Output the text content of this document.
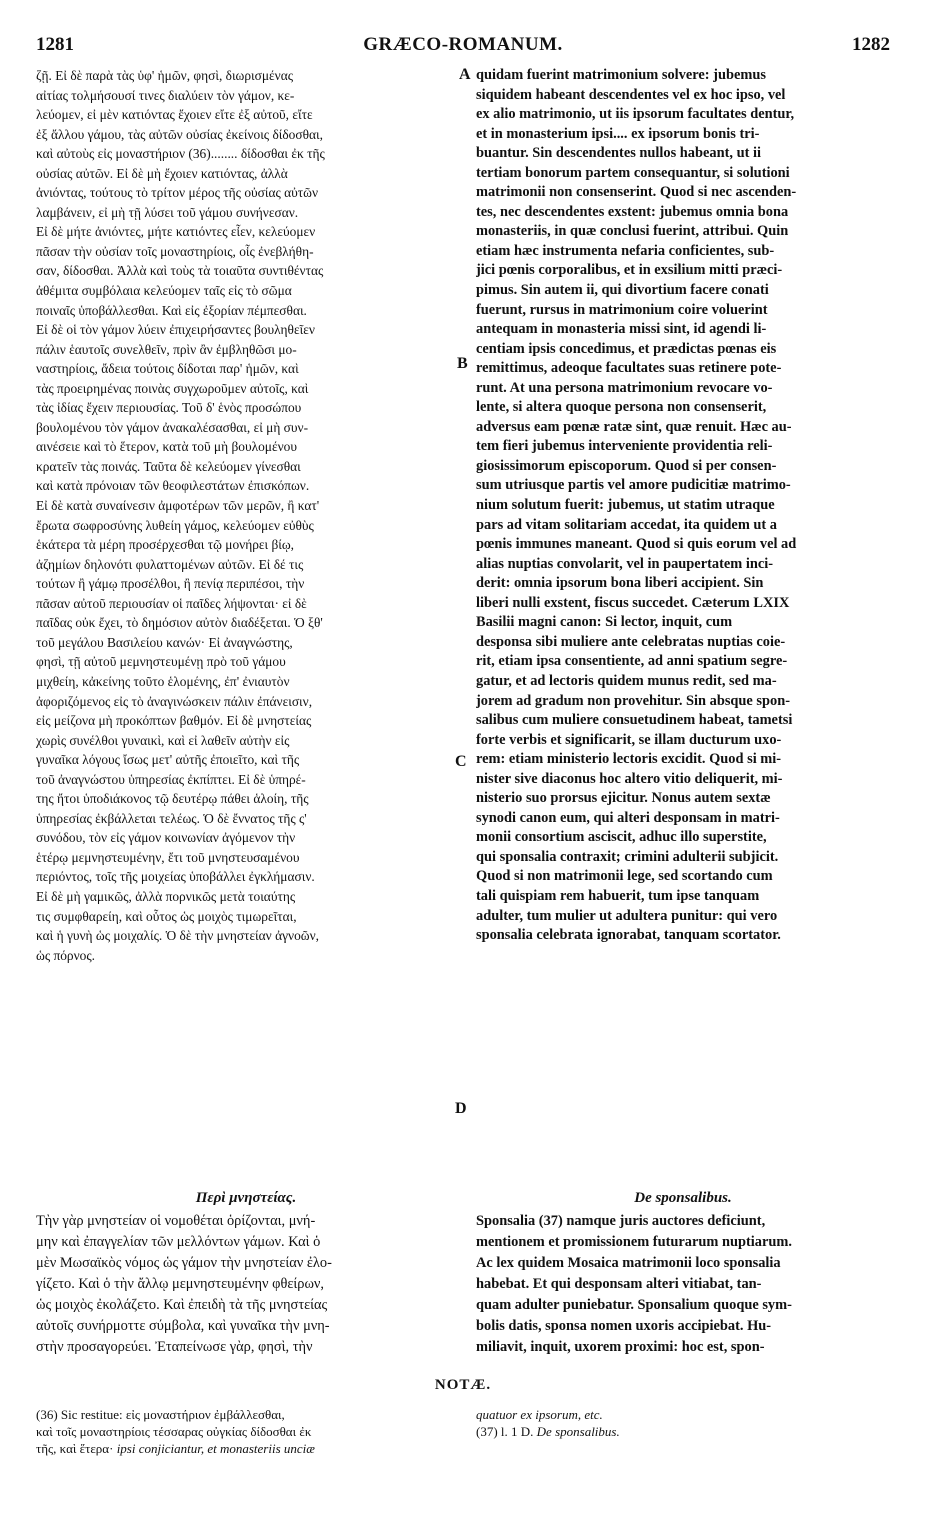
1281	GRÆCO-ROMANUM.	1282

ζῇ. Εἰ δὲ παρὰ τὰς ὑφ' ἡμῶν, φησὶ, διωρισμένας

αἰτίας τολμήσουσί τινες διαλύειν τὸν γάμον, κε-

λεύομεν, εἰ μὲν κατιόντας ἔχοιεν εἴτε ἐξ αὐτοῦ, εἴτε

ἐξ ἄλλου γάμου, τὰς αὐτῶν οὐσίας ἐκείνοις δίδοσθαι,

καὶ αὐτοὺς εἰς μοναστήριον (36)........ δίδοσθαι ἐκ τῆς

οὐσίας αὐτῶν. Εἰ δὲ μὴ ἔχοιεν κατιόντας, ἀλλὰ

ἀνιόντας, τούτους τὸ τρίτον μέρος τῆς οὐσίας αὐτῶν

λαμβάνειν, εἰ μὴ τῇ λύσει τοῦ γάμου συνήνεσαν.

Εἰ δὲ μήτε ἀνιόντες, μήτε κατιόντες εἶεν, κελεύομεν

πᾶσαν τὴν οὐσίαν τοῖς μοναστηρίοις, οἷς ἐνεβλήθη-

σαν, δίδοσθαι. Ἀλλὰ καὶ τοὺς τὰ τοιαῦτα συντιθέντας

ἀθέμιτα συμβόλαια κελεύομεν ταῖς εἰς τὸ σῶμα

ποιναῖς ὑποβάλλεσθαι. Καὶ εἰς ἐξορίαν πέμπεσθαι.

Εἰ δὲ οἱ τὸν γάμον λύειν ἐπιχειρήσαντες βουληθεῖεν

πάλιν ἑαυτοῖς συνελθεῖν, πρὶν ἂν ἐμβληθῶσι μο-

ναστηρίοις, ἄδεια τούτοις δίδοται παρ' ἡμῶν, καὶ

τὰς προειρημένας ποινὰς συγχωροῦμεν αὐτοῖς, καὶ

τὰς ἰδίας ἔχειν περιουσίας. Τοῦ δ' ἑνὸς προσώπου

βουλομένου τὸν γάμον ἀνακαλέσασθαι, εἰ μὴ συν-

αινέσειε καὶ τὸ ἕτερον, κατὰ τοῦ μὴ βουλομένου

κρατεῖν τὰς ποινάς. Ταῦτα δὲ κελεύομεν γίνεσθαι

καὶ κατὰ πρόνοιαν τῶν θεοφιλεστάτων ἐπισκόπων.

Εἰ δὲ κατὰ συναίνεσιν ἀμφοτέρων τῶν μερῶν, ἢ κατ'

ἔρωτα σωφροσύνης λυθείη γάμος, κελεύομεν εὐθὺς

ἑκάτερα τὰ μέρη προσέρχεσθαι τῷ μονήρει βίῳ,

ἀζημίων δηλονότι φυλαττομένων αὐτῶν. Εἰ δέ τις

τούτων ἢ γάμῳ προσέλθοι, ἢ πενίᾳ περιπέσοι, τὴν

πᾶσαν αὐτοῦ περιουσίαν οἱ παῖδες λήψονται· εἰ δὲ

παῖδας οὐκ ἔχει, τὸ δημόσιον αὐτὸν διαδέξεται. Ὁ ξθ'

τοῦ μεγάλου Βασιλείου κανών· Εἰ ἀναγνώστης,

φησὶ, τῇ αὐτοῦ μεμνηστευμένῃ πρὸ τοῦ γάμου

μιχθείη, κἀκείνης τοῦτο ἑλομένης, ἐπ' ἐνιαυτὸν

ἀφοριζόμενος εἰς τὸ ἀναγινώσκειν πάλιν ἐπάνεισιν,

εἰς μείζονα μὴ προκόπτων βαθμόν. Εἰ δὲ μνηστείας

χωρὶς συνέλθοι γυναικὶ, καὶ εἰ λαθεῖν αὐτὴν εἰς

γυναῖκα λόγους ἴσως μετ' αὐτῆς ἐποιεῖτο, καὶ τῆς

τοῦ ἀναγνώστου ὑπηρεσίας ἐκπίπτει. Εἰ δὲ ὑπηρέ-

της ἤτοι ὑποδιάκονος τῷ δευτέρῳ πάθει ἁλοίη, τῆς

ὑπηρεσίας ἐκβάλλεται τελέως. Ὁ δὲ ἔννατος τῆς ς'

συνόδου, τὸν εἰς γάμον κοινωνίαν ἀγόμενον τὴν

ἑτέρῳ μεμνηστευμένην, ἔτι τοῦ μνηστευσαμένου

περιόντος, τοῖς τῆς μοιχείας ὑποβάλλει ἐγκλήμασιν.

Εἰ δὲ μὴ γαμικῶς, ἀλλὰ πορνικῶς μετὰ τοιαύτης

τις συμφθαρείη, καὶ οὗτος ὡς μοιχὸς τιμωρεῖται,

καὶ ἡ γυνὴ ὡς μοιχαλίς. Ὁ δὲ τὴν μνηστείαν ἀγνοῶν,

ὡς πόρνος.

quidam fuerint matrimonium solvere: jubemus

siquidem habeant descendentes vel ex hoc ipso, vel

ex alio matrimonio, ut iis ipsorum facultates dentur,

et in monasterium ipsi.... ex ipsorum bonis tri-

buantur. Sin descendentes nullos habeant, ut ii

tertiam bonorum partem consequantur, si solutioni

matrimonii non consenserint. Quod si nec ascenden-

tes, nec descendentes exstent: jubemus omnia bona

monasteriis, in quæ conclusi fuerint, attribui. Quin

etiam hæc instrumenta nefaria conficientes, sub-

jici pœnis corporalibus, et in exsilium mitti præci-

pimus. Sin autem ii, qui divortium facere conati

fuerunt, rursus in matrimonium coire voluerint

antequam in monasteria missi sint, id agendi li-

centiam ipsis concedimus, et prædictas pœnas eis

remittimus, adeoque facultates suas retinere pote-

runt. At una persona matrimonium revocare vo-

lente, si altera quoque persona non consenserit,

adversus eam pœnæ ratæ sint, quæ renuit. Hæc au-

tem fieri jubemus interveniente providentia reli-

giosissimorum episcoporum. Quod si per consen-

sum utriusque partis vel amore pudicitiæ matrimo-

nium solutum fuerit: jubemus, ut statim utraque

pars ad vitam solitariam accedat, ita quidem ut a

pœnis immunes maneant. Quod si quis eorum vel ad

alias nuptias convolarit, vel in paupertatem inci-

derit: omnia ipsorum bona liberi accipient. Sin

liberi nulli exstent, fiscus succedet. Cæterum LXIX

Basilii magni canon: Si lector, inquit, cum

desponsa sibi muliere ante celebratas nuptias coie-

rit, etiam ipsa consentiente, ad anni spatium segre-

gatur, et ad lectoris quidem munus redit, sed ma-

jorem ad gradum non provehitur. Sin absque spon-

salibus cum muliere consuetudinem habeat, tametsi

forte verbis et significarit, se illam ducturum uxo-

rem: etiam ministerio lectoris excidit. Quod si mi-

nister sive diaconus hoc altero vitio deliquerit, mi-

nisterio suo prorsus ejicitur. Nonus autem sextæ

synodi canon eum, qui alteri desponsam in matri-

monii consortium asciscit, adhuc illo superstite,

qui sponsalia contraxit; crimini adulterii subjicit.

Quod si non matrimonii lege, sed scortando cum

tali quispiam rem habuerit, tum ipse tanquam

adulter, tum mulier ut adultera punitur: qui vero

sponsalia celebrata ignorabat, tanquam scortator.

A
B
C
D
Περὶ μνηστείας.

Τὴν γὰρ μνηστείαν οἱ νομοθέται ὁρίζονται, μνή-

μην καὶ ἐπαγγελίαν τῶν μελλόντων γάμων. Καὶ ὁ

μὲν Μωσαϊκὸς νόμος ὡς γάμον τὴν μνηστείαν ἐλο-

γίζετο. Καὶ ὁ τὴν ἄλλῳ μεμνηστευμένην φθείρων,

ὡς μοιχὸς ἐκολάζετο. Καὶ ἐπειδὴ τὰ τῆς μνηστείας

αὐτοῖς συνήρμοττε σύμβολα, καὶ γυναῖκα τὴν μνη-

στὴν προσαγορεύει. Ἐταπείνωσε γὰρ, φησὶ, τὴν

De sponsalibus.

Sponsalia (37) namque juris auctores deficiunt,

mentionem et promissionem futurarum nuptiarum.

Ac lex quidem Mosaica matrimonii loco sponsalia

habebat. Et qui desponsam alteri vitiabat, tan-

quam adulter puniebatur. Sponsalium quoque sym-

bolis datis, sponsa nomen uxoris accipiebat. Hu-

miliavit, inquit, uxorem proximi: hoc est, spon-

NOTÆ.

(36) Sic restitue: εἰς μοναστήριον ἐμβάλλεσθαι,

καὶ τοῖς μοναστηρίοις τέσσαρας οὐγκίας δίδοσθαι ἐκ

τῆς, καὶ ἕτερα· ipsi conjiciantur, et monasteriis unciæ

quatuor ex ipsorum, etc.

(37) l. 1 D. De sponsalibus.
